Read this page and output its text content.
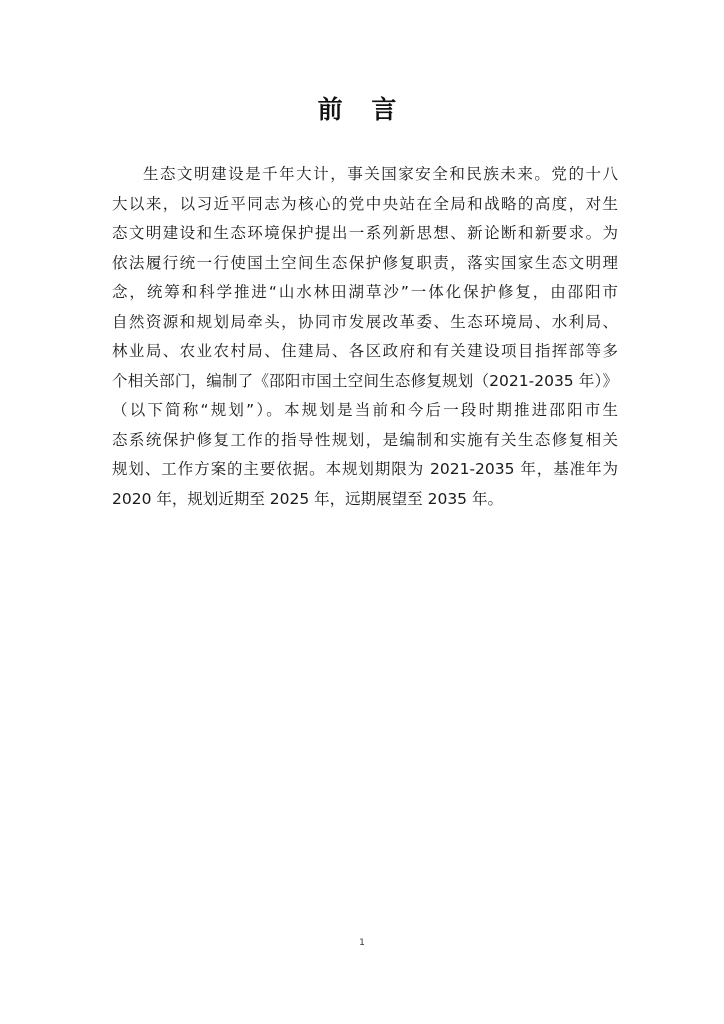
前 言
生态文明建设是千年大计，事关国家安全和民族未来。党的十八
大以来，以习近平同志为核心的党中央站在全局和战略的高度，对生
态文明建设和生态环境保护提出一系列新思想、新论断和新要求。为
依法履行统一行使国土空间生态保护修复职责，落实国家生态文明理
念，统筹和科学推进“山水林田湖草沙”一体化保护修复，由邵阳市
自然资源和规划局牵头，协同市发展改革委、生态环境局、水利局、
林业局、农业农村局、住建局、各区政府和有关建设项目指挥部等多
个相关部门，编制了《邵阳市国土空间生态修复规划（2021-2035 年）》
（以下简称“规划”）。本规划是当前和今后一段时期推进邵阳市生
态系统保护修复工作的指导性规划，是编制和实施有关生态修复相关
规划、工作方案的主要依据。本规划期限为 2021-2035 年，基准年为
2020 年，规划近期至 2025 年，远期展望至 2035 年。
1
